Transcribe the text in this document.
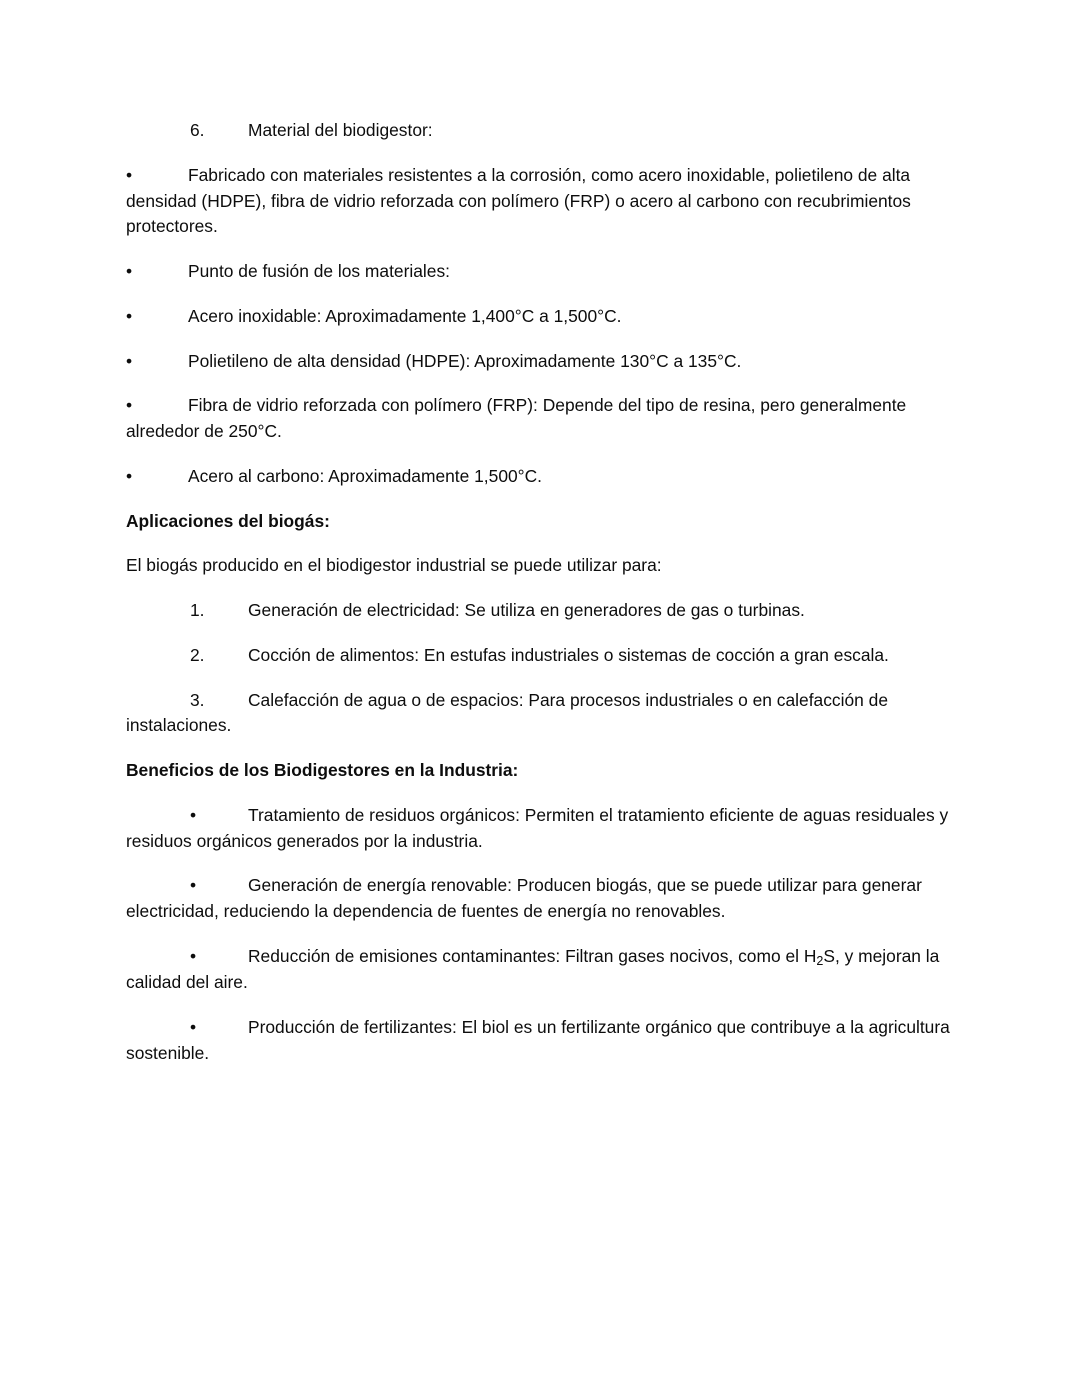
6. Material del biodigestor:

•	Fabricado con materiales resistentes a la corrosión, como acero inoxidable, polietileno de alta densidad (HDPE), fibra de vidrio reforzada con polímero (FRP) o acero al carbono con recubrimientos protectores.

•	Punto de fusión de los materiales:

•	Acero inoxidable: Aproximadamente 1,400°C a 1,500°C.

•	Polietileno de alta densidad (HDPE): Aproximadamente 130°C a 135°C.

•	Fibra de vidrio reforzada con polímero (FRP): Depende del tipo de resina, pero generalmente alrededor de 250°C.

•	Acero al carbono: Aproximadamente 1,500°C.

Aplicaciones del biogás:

El biogás producido en el biodigestor industrial se puede utilizar para:

1. Generación de electricidad: Se utiliza en generadores de gas o turbinas.

2. Cocción de alimentos: En estufas industriales o sistemas de cocción a gran escala.

3. Calefacción de agua o de espacios: Para procesos industriales o en calefacción de instalaciones.

Beneficios de los Biodigestores en la Industria:

•	Tratamiento de residuos orgánicos: Permiten el tratamiento eficiente de aguas residuales y residuos orgánicos generados por la industria.

•	Generación de energía renovable: Producen biogás, que se puede utilizar para generar electricidad, reduciendo la dependencia de fuentes de energía no renovables.

•	Reducción de emisiones contaminantes: Filtran gases nocivos, como el $H_2S$, y mejoran la calidad del aire.

•	Producción de fertilizantes: El biol es un fertilizante orgánico que contribuye a la agricultura sostenible.
